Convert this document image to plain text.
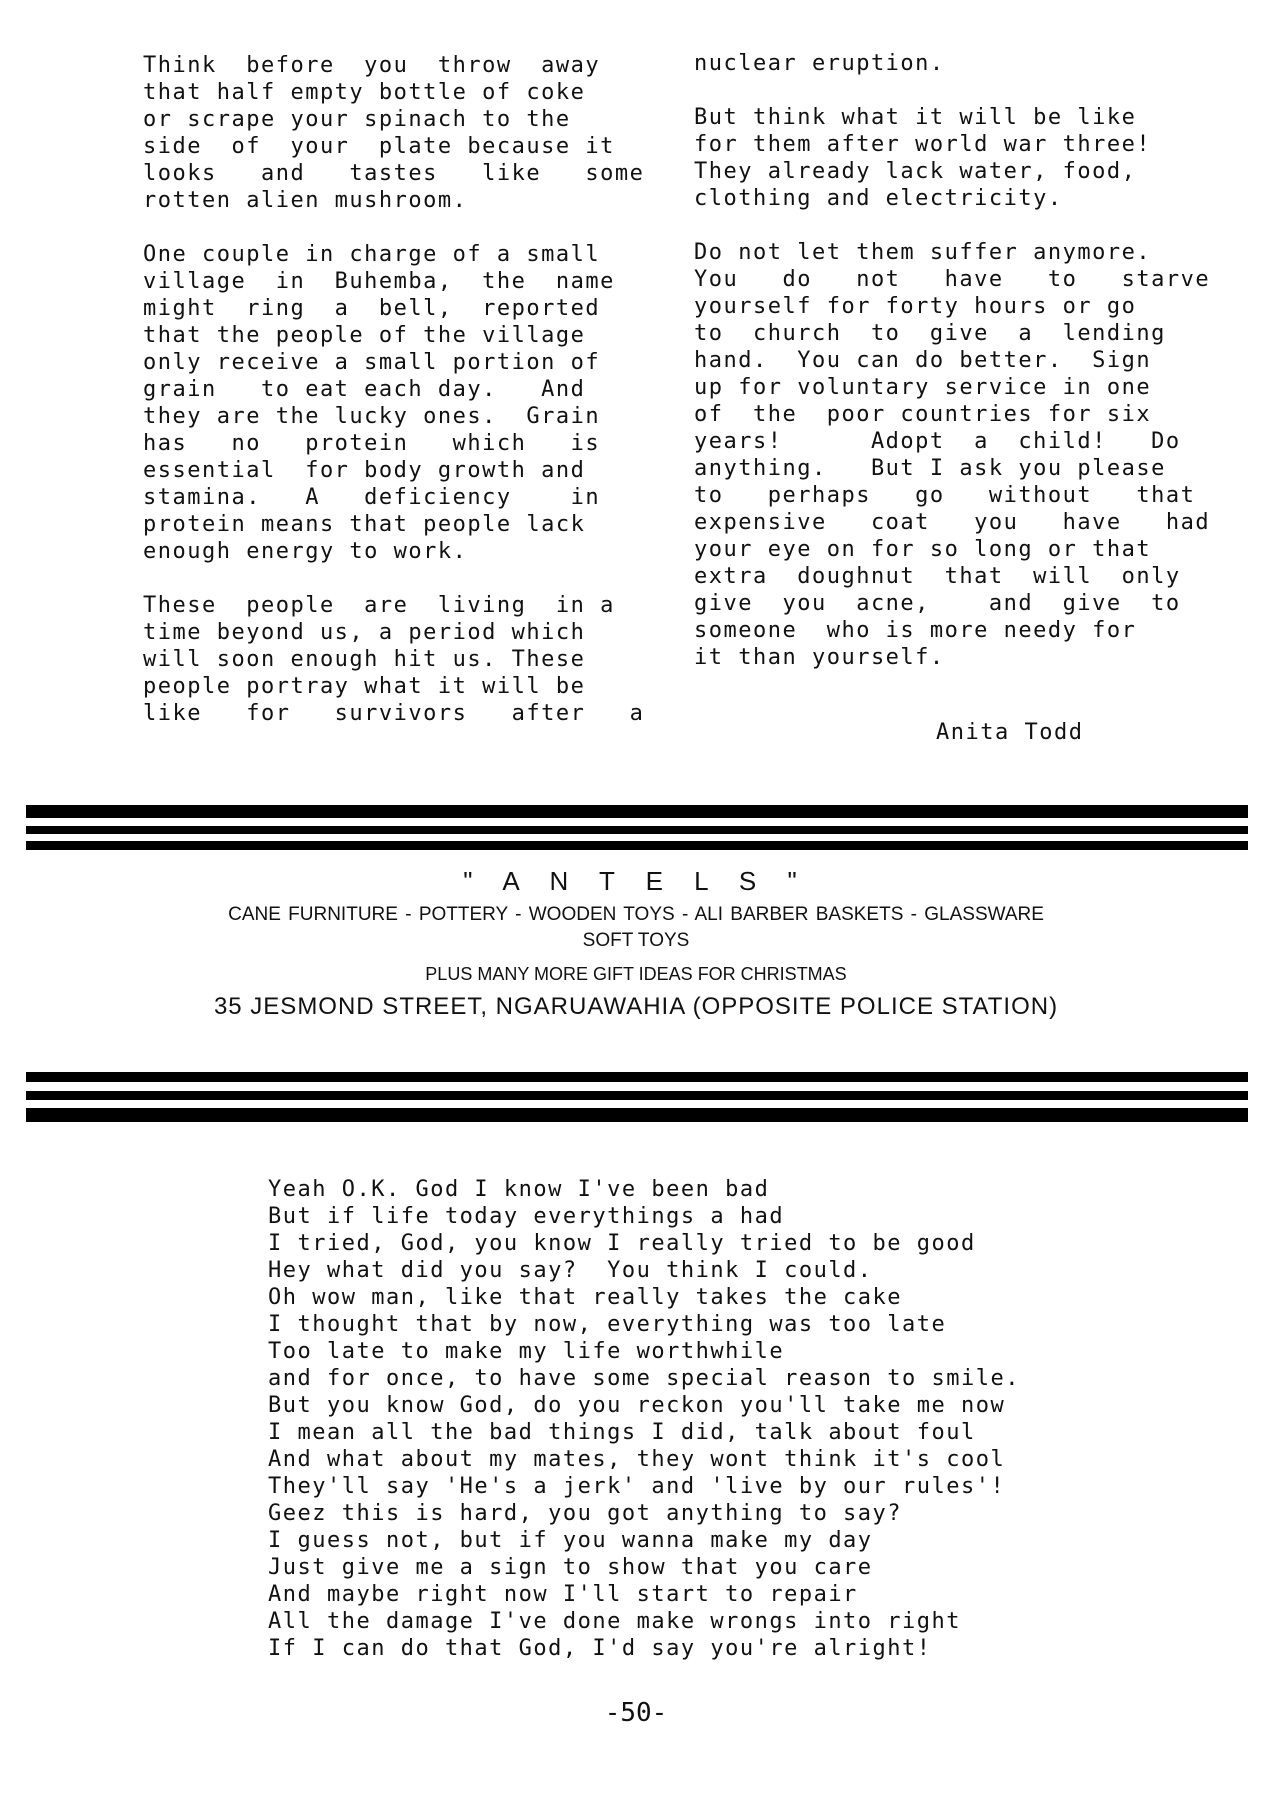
Think  before  you  throw  away

that half empty bottle of coke

or scrape your spinach to the

side  of  your  plate because it

looks   and   tastes   like   some

rotten alien mushroom.

One couple in charge of a small

village  in  Buhemba,  the  name

might  ring  a  bell,  reported

that the people of the village

only receive a small portion of

grain   to eat each day.   And

they are the lucky ones.  Grain

has   no   protein   which   is

essential  for body growth and

stamina.   A   deficiency    in

protein means that people lack

enough energy to work.

These  people  are  living  in a

time beyond us, a period which

will soon enough hit us. These

people portray what it will be

like   for   survivors   after   a

nuclear eruption.

But think what it will be like

for them after world war three!

They already lack water, food,

clothing and electricity.

Do not let them suffer anymore.

You   do   not   have   to   starve

yourself for forty hours or go

to  church  to  give  a  lending

hand.  You can do better.  Sign

up for voluntary service in one

of  the  poor countries for six

years!      Adopt  a  child!   Do

anything.   But I ask you please

to   perhaps   go   without   that

expensive   coat   you   have   had

your eye on for so long or that

extra  doughnut  that  will  only

give  you  acne,    and  give  to

someone  who is more needy for

it than yourself.

Anita Todd
" A N T E L S "
CANE FURNITURE - POTTERY - WOODEN TOYS - ALI BARBER BASKETS - GLASSWARE
SOFT TOYS
PLUS MANY MORE GIFT IDEAS FOR CHRISTMAS
35 JESMOND STREET, NGARUAWAHIA (OPPOSITE POLICE STATION)

Yeah O.K. God I know I've been bad

But if life today everythings a had

I tried, God, you know I really tried to be good

Hey what did you say?  You think I could.

Oh wow man, like that really takes the cake

I thought that by now, everything was too late

Too late to make my life worthwhile

and for once, to have some special reason to smile.

But you know God, do you reckon you'll take me now

I mean all the bad things I did, talk about foul

And what about my mates, they wont think it's cool

They'll say 'He's a jerk' and 'live by our rules'!

Geez this is hard, you got anything to say?

I guess not, but if you wanna make my day

Just give me a sign to show that you care

And maybe right now I'll start to repair

All the damage I've done make wrongs into right

If I can do that God, I'd say you're alright!

-50-
